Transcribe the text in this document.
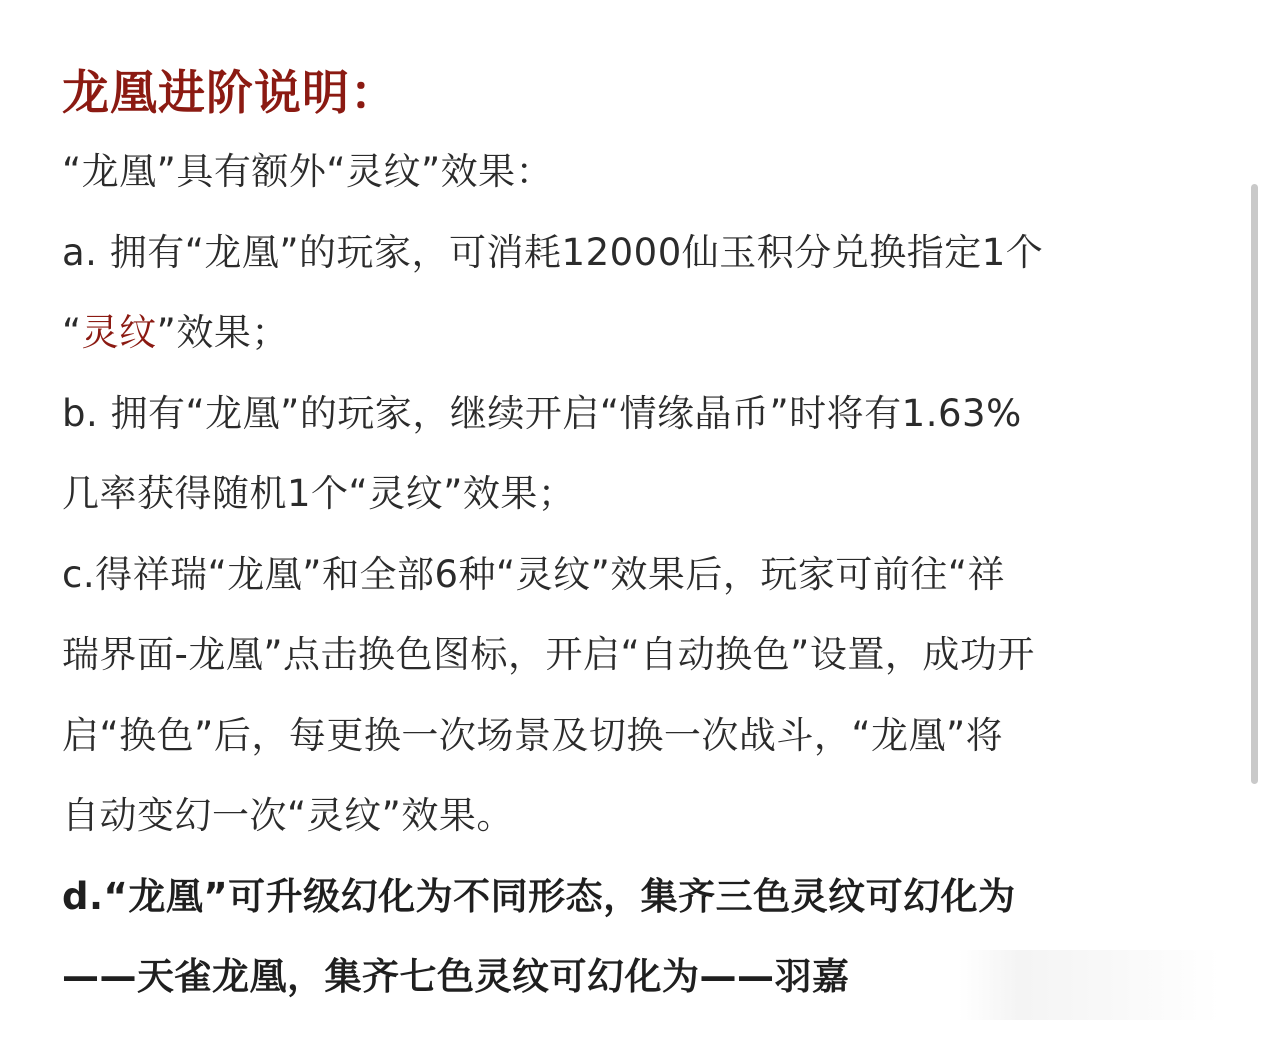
龙凰进阶说明：
“龙凰”具有额外“灵纹”效果：
a. 拥有“龙凰”的玩家，可消耗12000仙玉积分兑换指定1个
“灵纹”效果；
b. 拥有“龙凰”的玩家，继续开启“情缘晶币”时将有1.63%
几率获得随机1个“灵纹”效果；
c.得祥瑞“龙凰”和全部6种“灵纹”效果后，玩家可前往“祥
瑞界面-龙凰”点击换色图标，开启“自动换色”设置，成功开
启“换色”后，每更换一次场景及切换一次战斗，“龙凰”将
自动变幻一次“灵纹”效果。
d.“龙凰”可升级幻化为不同形态，集齐三色灵纹可幻化为
——天雀龙凰，集齐七色灵纹可幻化为——羽嘉
